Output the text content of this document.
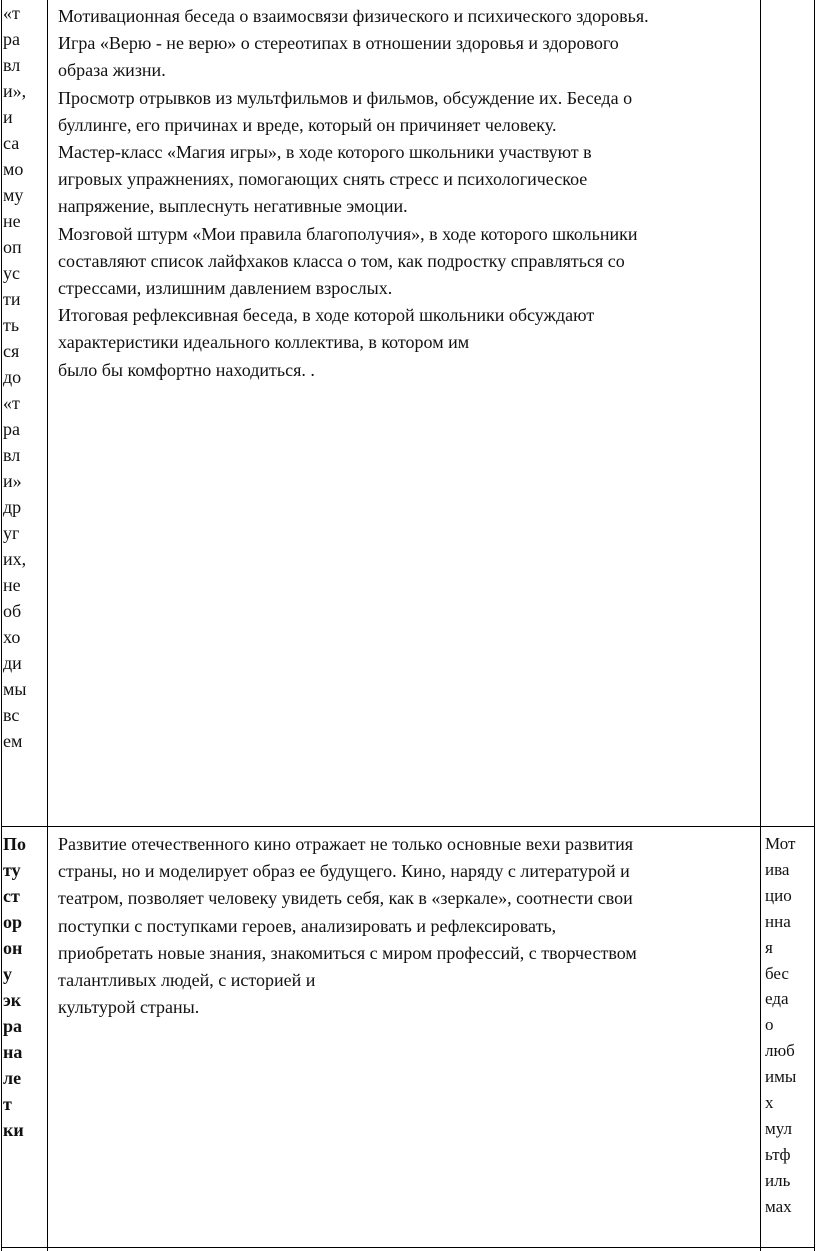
«т
ра
вл
и»,
и
са
мо
му
не
оп
ус
ти
ть
ся
до
«т
ра
вл
и»
др
уг
их,
не
об
хо
ди
мы
вс
ем

Мотивационная беседа о взаимосвязи физического и психического здоровья.

Игра «Верю - не верю» о стереотипах в отношении здоровья и здорового

образа жизни.

Просмотр отрывков из мультфильмов и фильмов, обсуждение их. Беседа о

буллинге, его причинах и вреде, который он причиняет человеку.

Мастер-класс «Магия игры», в ходе которого школьники участвуют в

игровых упражнениях, помогающих снять стресс и психологическое

напряжение, выплеснуть негативные эмоции.

Мозговой штурм «Мои правила благополучия», в ходе которого школьники

составляют список лайфхаков класса о том, как подростку справляться со

стрессами, излишним давлением взрослых.

Итоговая рефлексивная беседа, в ходе которой школьники обсуждают

характеристики идеального коллектива, в котором им

было бы комфортно находиться. .

По
ту
ст
ор
он
у
эк
ра
на
ле
т
ки

Развитие отечественного кино отражает не только основные вехи развития

страны, но и моделирует образ ее будущего. Кино, наряду с литературой и

театром, позволяет человеку увидеть себя, как в «зеркале», соотнести свои

поступки с поступками героев, анализировать и рефлексировать,

приобретать новые знания, знакомиться с миром профессий, с творчеством

талантливых людей, с историей и

культурой страны.

Мот
ива
цио
нна
я
бес
еда
о
люб
имы
х
мул
ьтф
иль
мах
